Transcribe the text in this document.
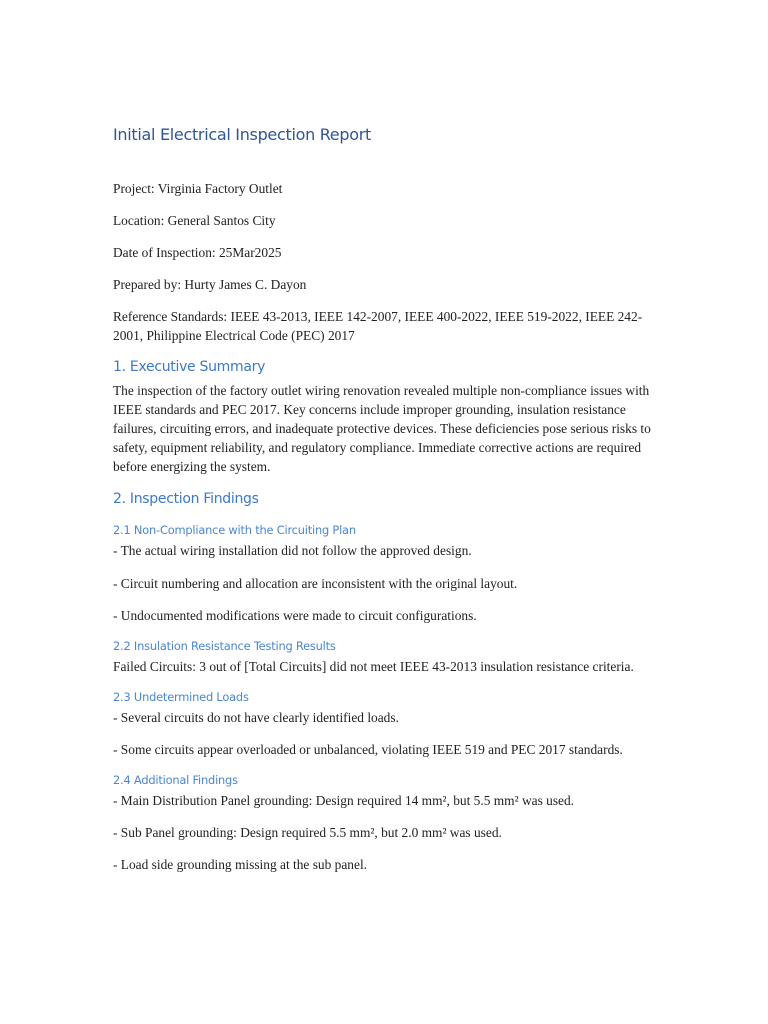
Initial Electrical Inspection Report

Project: Virginia Factory Outlet

Location: General Santos City

Date of Inspection: 25Mar2025

Prepared by: Hurty James C. Dayon

Reference Standards: IEEE 43-2013, IEEE 142-2007, IEEE 400-2022, IEEE 519-2022, IEEE 242-2001, Philippine Electrical Code (PEC) 2017

1. Executive Summary

The inspection of the factory outlet wiring renovation revealed multiple non-compliance issues with IEEE standards and PEC 2017. Key concerns include improper grounding, insulation resistance failures, circuiting errors, and inadequate protective devices. These deficiencies pose serious risks to safety, equipment reliability, and regulatory compliance. Immediate corrective actions are required before energizing the system.

2. Inspection Findings
2.1 Non-Compliance with the Circuiting Plan

- The actual wiring installation did not follow the approved design.

- Circuit numbering and allocation are inconsistent with the original layout.

- Undocumented modifications were made to circuit configurations.

2.2 Insulation Resistance Testing Results

Failed Circuits: 3 out of [Total Circuits] did not meet IEEE 43-2013 insulation resistance criteria.

2.3 Undetermined Loads

- Several circuits do not have clearly identified loads.

- Some circuits appear overloaded or unbalanced, violating IEEE 519 and PEC 2017 standards.

2.4 Additional Findings

- Main Distribution Panel grounding: Design required 14 mm², but 5.5 mm² was used.

- Sub Panel grounding: Design required 5.5 mm², but 2.0 mm² was used.

- Load side grounding missing at the sub panel.
